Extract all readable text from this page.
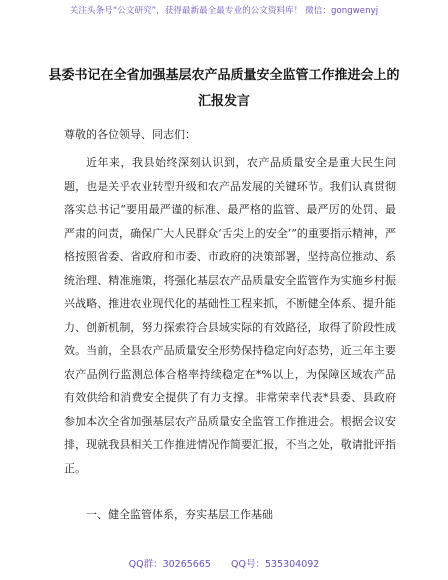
关注头条号“公文研究”，获得最新最全最专业的公文资料库！ 微信：gongwenyj
县委书记在全省加强基层农产品质量安全监管工作推进会上的
汇报发言
尊敬的各位领导、同志们：

近年来，我县始终深刻认识到，农产品质量安全是重大民生问题，也是关乎农业转型升级和农产品发展的关键环节。我们认真贯彻落实总书记“要用最严谨的标准、最严格的监管、最严厉的处罚、最严肃的问责，确保广大人民群众‘舌尖上的安全’”的重要指示精神，严格按照省委、省政府和市委、市政府的决策部署，坚持高位推动、系统治理、精准施策，将强化基层农产品质量安全监管作为实施乡村振兴战略、推进农业现代化的基础性工程来抓，不断健全体系、提升能力、创新机制，努力探索符合县域实际的有效路径，取得了阶段性成效。当前，全县农产品质量安全形势保持稳定向好态势，近三年主要农产品例行监测总体合格率持续稳定在*%以上，为保障区域农产品有效供给和消费安全提供了有力支撑。非常荣幸代表*县委、县政府参加本次全省加强基层农产品质量安全监管工作推进会。根据会议安排，现就我县相关工作推进情况作简要汇报，不当之处，敬请批评指正。

一、健全监管体系，夯实基层工作基础
QQ群：30265665 QQ号：535304092
